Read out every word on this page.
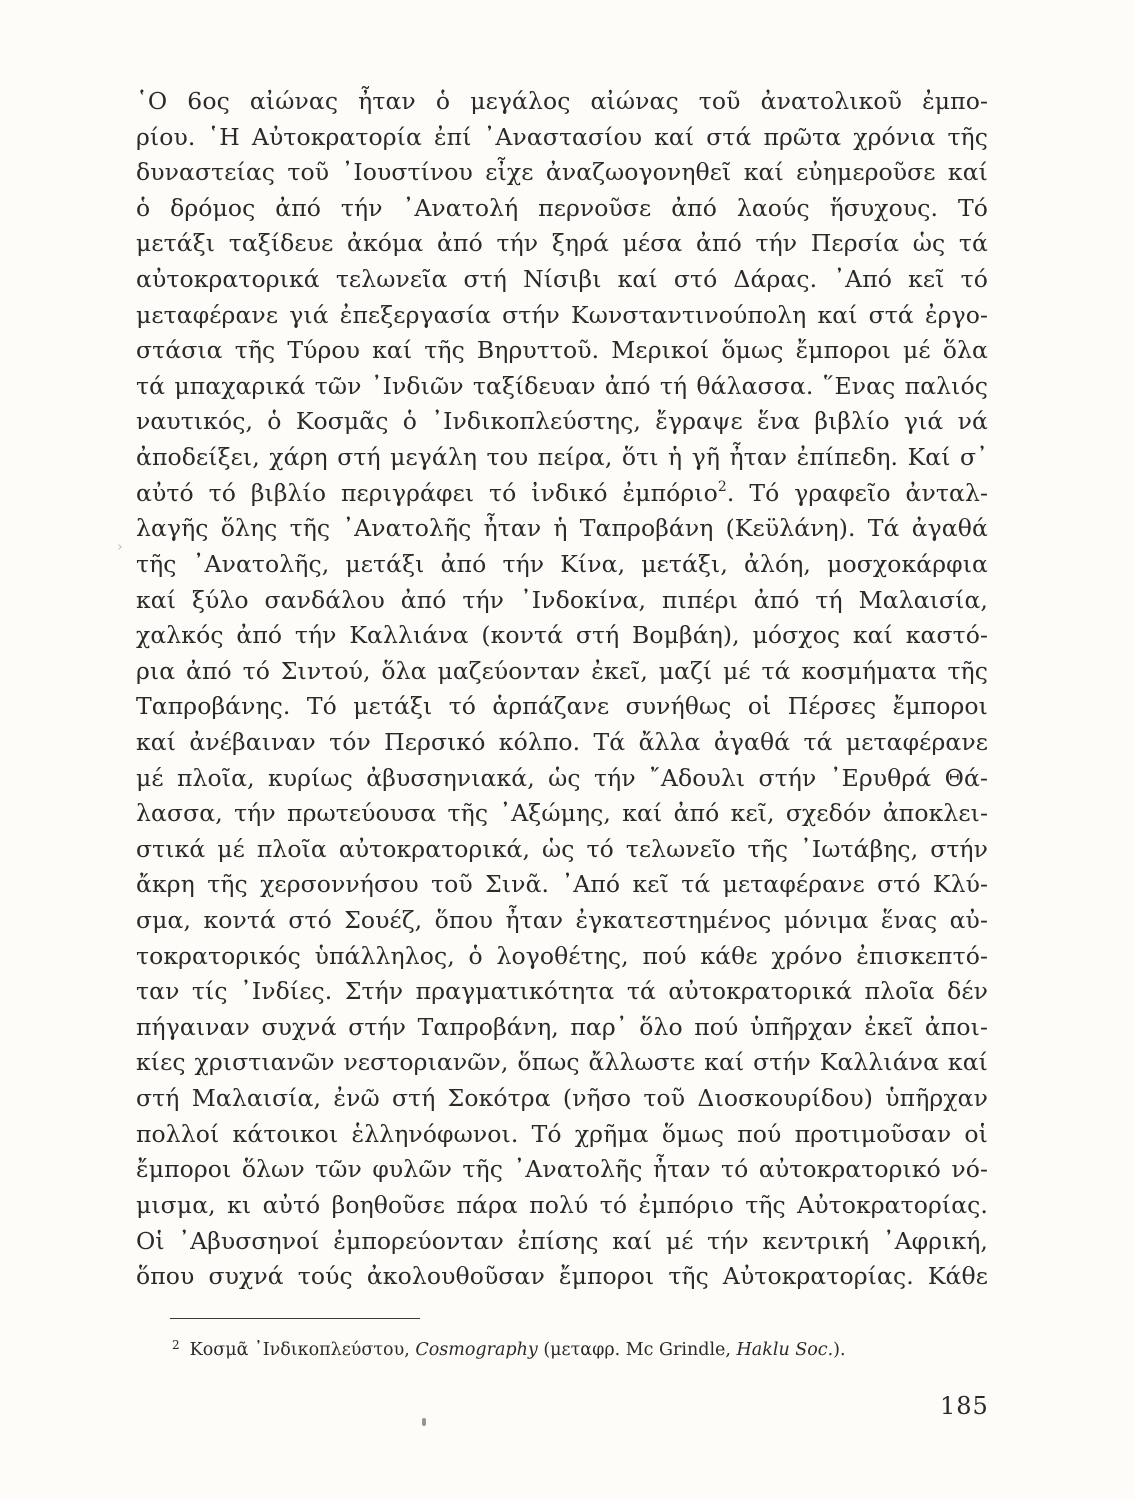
῾Ο 6ος αἰώνας ἦταν ὁ μεγάλος αἰώνας τοῦ ἀνατολικοῦ ἐμπο-
ρίου. ῾Η Αὐτοκρατορία ἐπί ᾿Αναστασίου καί στά πρῶτα χρόνια τῆς
δυναστείας τοῦ ᾿Ιουστίνου εἶχε ἀναζωογονηθεῖ καί εὐημεροῦσε καί
ὁ δρόμος ἀπό τήν ᾿Ανατολή περνοῦσε ἀπό λαούς ἥσυχους. Τό
μετάξι ταξίδευε ἀκόμα ἀπό τήν ξηρά μέσα ἀπό τήν Περσία ὡς τά
αὐτοκρατορικά τελωνεῖα στή Νίσιβι καί στό Δάρας. ᾿Από κεῖ τό
μεταφέρανε γιά ἐπεξεργασία στήν Κωνσταντινούπολη καί στά ἐργο-
στάσια τῆς Τύρου καί τῆς Βηρυττοῦ. Μερικοί ὅμως ἔμποροι μέ ὅλα
τά μπαχαρικά τῶν ᾿Ινδιῶν ταξίδευαν ἀπό τή θάλασσα. ῞Ενας παλιός
ναυτικός, ὁ Κοσμᾶς ὁ ᾿Ινδικοπλεύστης, ἔγραψε ἕνα βιβλίο γιά νά
ἀποδείξει, χάρη στή μεγάλη του πείρα, ὅτι ἡ γῆ ἦταν ἐπίπεδη. Καί σ᾿
αὐτό τό βιβλίο περιγράφει τό ἰνδικό ἐμπόριο$^2$. Τό γραφεῖο ἀνταλ-
λαγῆς ὅλης τῆς ᾿Ανατολῆς ἦταν ἡ Ταπροβάνη (Κεϋλάνη). Τά ἀγαθά
τῆς ᾿Ανατολῆς, μετάξι ἀπό τήν Κίνα, μετάξι, ἀλόη, μοσχοκάρφια
καί ξύλο σανδάλου ἀπό τήν ᾿Ινδοκίνα, πιπέρι ἀπό τή Μαλαισία,
χαλκός ἀπό τήν Καλλιάνα (κοντά στή Βομβάη), μόσχος καί καστό-
ρια ἀπό τό Σιντού, ὅλα μαζεύονταν ἐκεῖ, μαζί μέ τά κοσμήματα τῆς
Ταπροβάνης. Τό μετάξι τό ἁρπάζανε συνήθως οἱ Πέρσες ἔμποροι
καί ἀνέβαιναν τόν Περσικό κόλπο. Τά ἄλλα ἀγαθά τά μεταφέρανε
μέ πλοῖα, κυρίως ἀβυσσηνιακά, ὡς τήν ῎Αδουλι στήν ᾿Ερυθρά Θά-
λασσα, τήν πρωτεύουσα τῆς ᾿Αξώμης, καί ἀπό κεῖ, σχεδόν ἀποκλει-
στικά μέ πλοῖα αὐτοκρατορικά, ὡς τό τελωνεῖο τῆς ᾿Ιωτάβης, στήν
ἄκρη τῆς χερσοννήσου τοῦ Σινᾶ. ᾿Από κεῖ τά μεταφέρανε στό Κλύ-
σμα, κοντά στό Σουέζ, ὅπου ἦταν ἐγκατεστημένος μόνιμα ἕνας αὐ-
τοκρατορικός ὑπάλληλος, ὁ λογοθέτης, πού κάθε χρόνο ἐπισκεπτό-
ταν τίς ᾿Ινδίες. Στήν πραγματικότητα τά αὐτοκρατορικά πλοῖα δέν
πήγαιναν συχνά στήν Ταπροβάνη, παρ᾿ ὅλο πού ὑπῆρχαν ἐκεῖ ἀποι-
κίες χριστιανῶν νεστοριανῶν, ὅπως ἄλλωστε καί στήν Καλλιάνα καί
στή Μαλαισία, ἐνῶ στή Σοκότρα (νῆσο τοῦ Διοσκουρίδου) ὑπῆρχαν
πολλοί κάτοικοι ἑλληνόφωνοι. Τό χρῆμα ὅμως πού προτιμοῦσαν οἱ
ἔμποροι ὅλων τῶν φυλῶν τῆς ᾿Ανατολῆς ἦταν τό αὐτοκρατορικό νό-
μισμα, κι αὐτό βοηθοῦσε πάρα πολύ τό ἐμπόριο τῆς Αὐτοκρατορίας.
Οἱ ᾿Αβυσσηνοί ἐμπορεύονταν ἐπίσης καί μέ τήν κεντρική ᾿Αφρική,
ὅπου συχνά τούς ἀκολουθοῦσαν ἔμποροι τῆς Αὐτοκρατορίας. Κάθε
›
$^2$ Κοσμᾶ ᾿Ινδικοπλεύστου, Cosmography (μεταφρ. Mc Grindle, Haklu Soc.).
185
